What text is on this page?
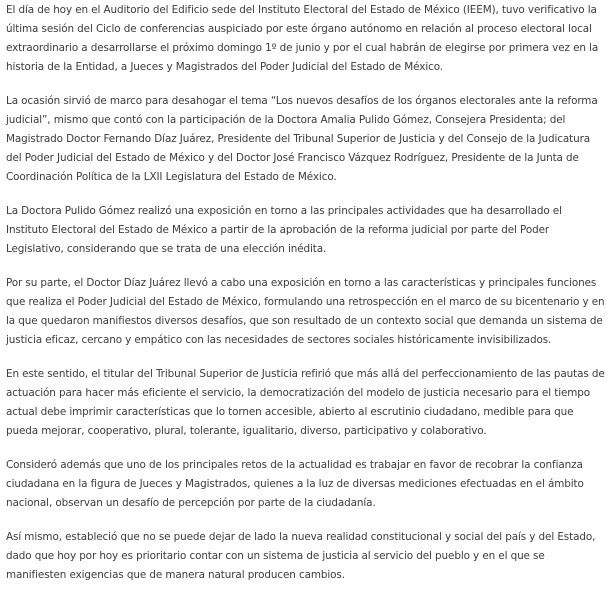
El día de hoy en el Auditorio del Edificio sede del Instituto Electoral del Estado de México (IEEM), tuvo verificativo la última sesión del Ciclo de conferencias auspiciado por este órgano autónomo en relación al proceso electoral local extraordinario a desarrollarse el próximo domingo 1º de junio y por el cual habrán de elegirse por primera vez en la historia de la Entidad, a Jueces y Magistrados del Poder Judicial del Estado de México.

La ocasión sirvió de marco para desahogar el tema “Los nuevos desafíos de los órganos electorales ante la reforma judicial”, mismo que contó con la participación de la Doctora Amalia Pulido Gómez, Consejera Presidenta; del Magistrado Doctor Fernando Díaz Juárez, Presidente del Tribunal Superior de Justicia y del Consejo de la Judicatura del Poder Judicial del Estado de México y del Doctor José Francisco Vázquez Rodríguez, Presidente de la Junta de Coordinación Política de la LXII Legislatura del Estado de México.

La Doctora Pulido Gómez realizó una exposición en torno a las principales actividades que ha desarrollado el Instituto Electoral del Estado de México a partir de la aprobación de la reforma judicial por parte del Poder Legislativo, considerando que se trata de una elección inédita.

Por su parte, el Doctor Díaz Juárez llevó a cabo una exposición en torno a las características y principales funciones que realiza el Poder Judicial del Estado de México, formulando una retrospección en el marco de su bicentenario y en la que quedaron manifiestos diversos desafíos, que son resultado de un contexto social que demanda un sistema de justicia eficaz, cercano y empático con las necesidades de sectores sociales históricamente invisibilizados.

En este sentido, el titular del Tribunal Superior de Justicia refirió que más allá del perfeccionamiento de las pautas de actuación para hacer más eficiente el servicio, la democratización del modelo de justicia necesario para el tiempo actual debe imprimir características que lo tornen accesible, abierto al escrutinio ciudadano, medible para que pueda mejorar, cooperativo, plural, tolerante, igualitario, diverso, participativo y colaborativo.

Consideró además que uno de los principales retos de la actualidad es trabajar en favor de recobrar la confianza ciudadana en la figura de Jueces y Magistrados, quienes a la luz de diversas mediciones efectuadas en el ámbito nacional, observan un desafío de percepción por parte de la ciudadanía.

Así mismo, estableció que no se puede dejar de lado la nueva realidad constitucional y social del país y del Estado, dado que hoy por hoy es prioritario contar con un sistema de justicia al servicio del pueblo y en el que se manifiesten exigencias que de manera natural producen cambios.
